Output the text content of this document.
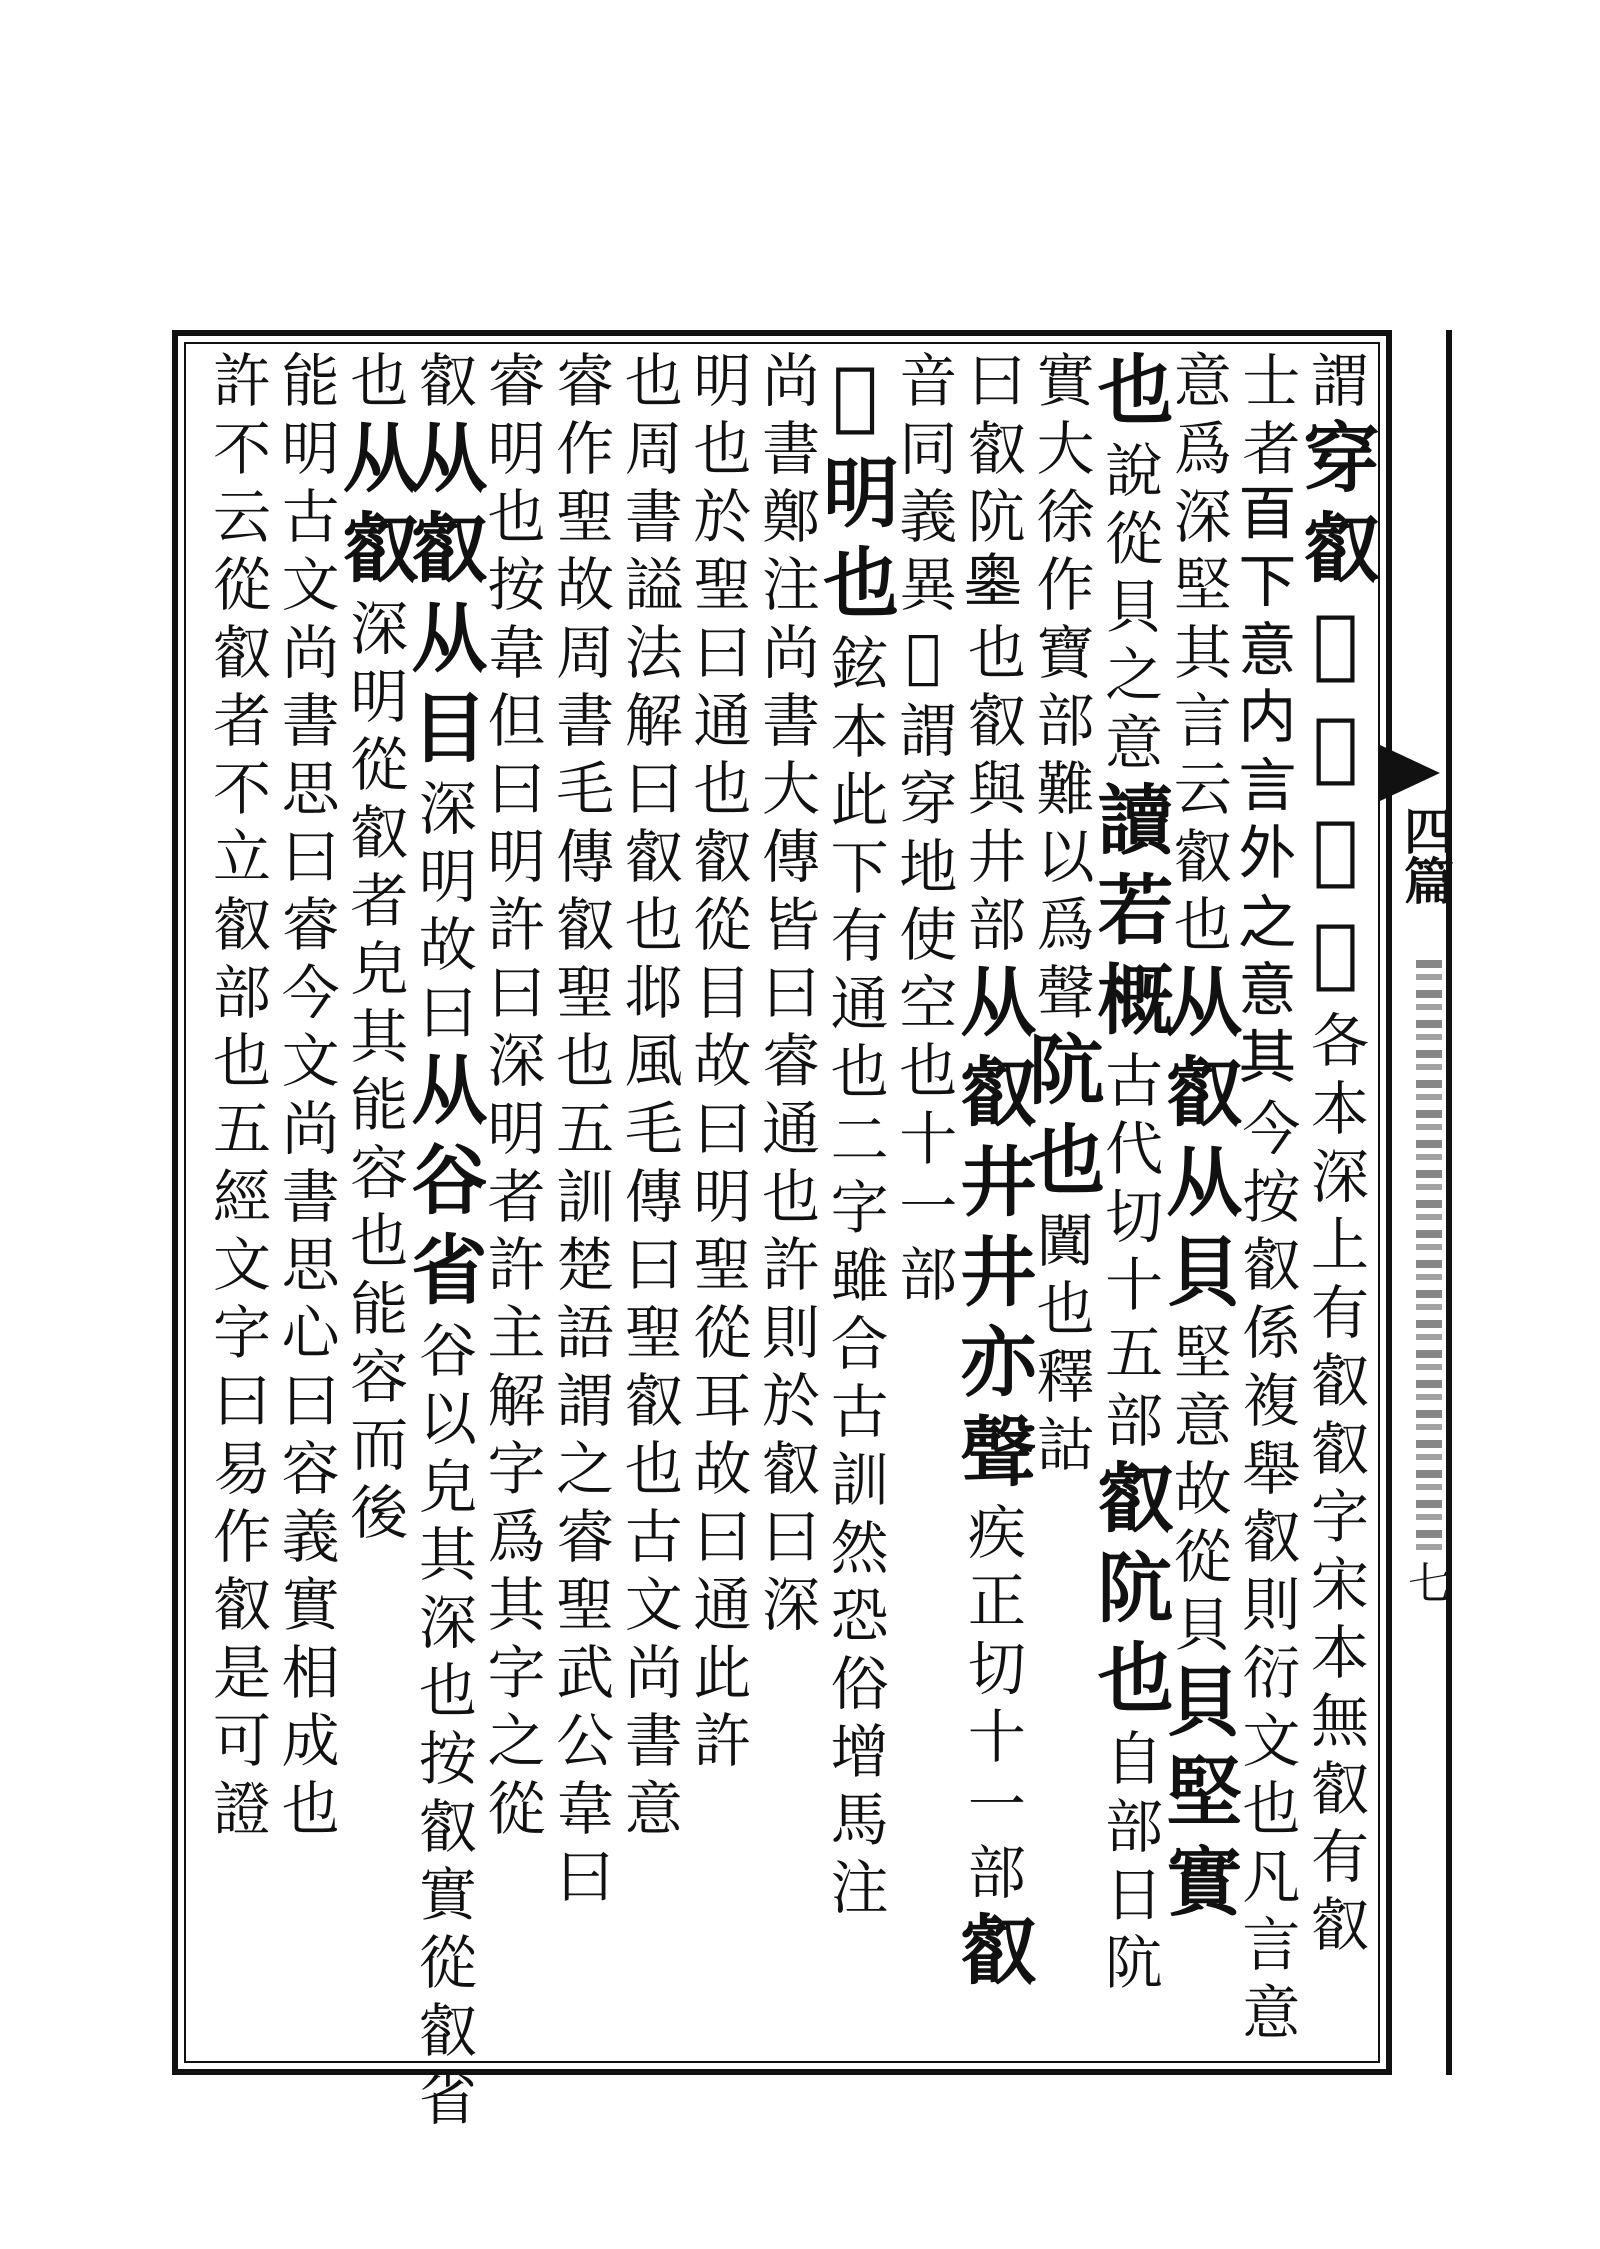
四篇
七
謂穿叡𥦚堅意也各本深上有叡叡字宋本無叡有叡
士者𦣻下意内言外之意其今按叡係複舉叡則衍文也凡言意
意爲深堅其言云叡也从叡从貝堅意故從貝貝堅實
也說從貝之意讀若概古代切十五部叡阬也自部日阬
實大徐作寶部難以爲聲阬也闐也釋詁
曰叡阬𡒃也叡與井部从叡井井亦聲疾正切十一部叡
音同義異𡟧謂穿地使空也十一部
𥦚明也鉉本此下有通也二字雖合古訓然恐俗增馬注
尚書鄭注尚書大傳皆曰睿通也許則於叡曰深
明也於聖曰通也叡從目故曰明聖從耳故曰通此許
也周書謚法解曰叡也邶風毛傳曰聖叡也古文尚書意
睿作聖故周書毛傳叡聖也五訓楚語謂之睿聖武公韋曰
睿明也按韋但曰明許曰深明者許主解字爲其字之從
叡从叡从目深明故曰从谷省谷以皃其深也按叡實從叡省
也从叡深明從叡者皃其能容也能容而後
能明古文尚書思曰睿今文尚書思心曰容義實相成也
許不云從叡者不立叡部也五經文字曰易作叡是可證
